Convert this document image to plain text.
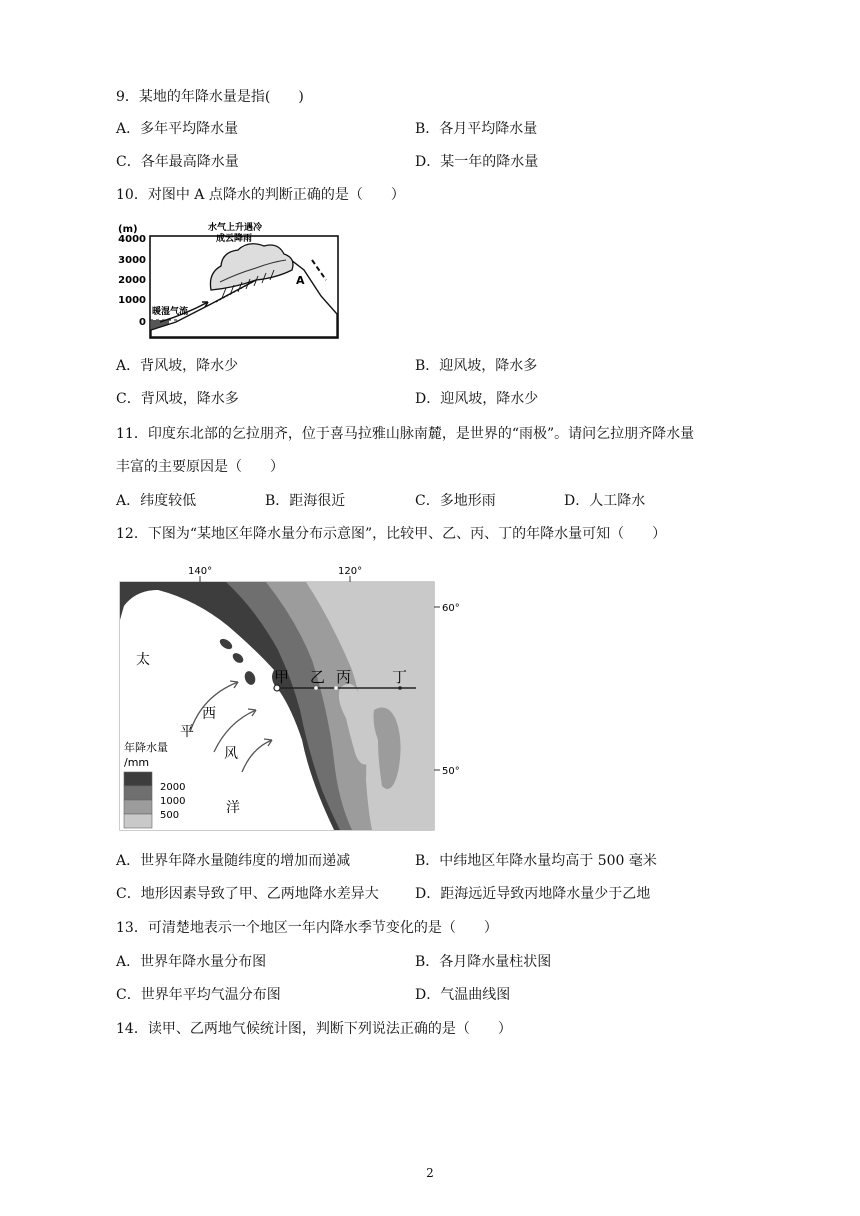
9．某地的年降水量是指(　　)
A．多年平均降水量	B．各月平均降水量
C．各年最高降水量	D．某一年的降水量
10．对图中 A 点降水的判断正确的是（　　）
(m)
4000
3000
2000
1000
0
暖湿气流
水气上升遇冷
成云降雨
A
A．背风坡，降水少	B．迎风坡，降水多
C．背风坡，降水多	D．迎风坡，降水少
11．印度东北部的乞拉朋齐，位于喜马拉雅山脉南麓，是世界的“雨极”。请问乞拉朋齐降水量
丰富的主要原因是（　　）
A．纬度较低	B．距海很近	C．多地形雨	D．人工降水
12．下图为“某地区年降水量分布示意图”，比较甲、乙、丙、丁的年降水量可知（　　）
140°	120°
60°
50°
甲 乙 丙	丁
太
平
洋
西
风
年降水量
/mm
2000
1000
500
A．世界年降水量随纬度的增加而递减	B．中纬地区年降水量均高于 500 毫米
C．地形因素导致了甲、乙两地降水差异大	D．距海远近导致丙地降水量少于乙地
13．可清楚地表示一个地区一年内降水季节变化的是（　　）
A．世界年降水量分布图	B．各月降水量柱状图
C．世界年平均气温分布图	D．气温曲线图
14．读甲、乙两地气候统计图，判断下列说法正确的是（　　）
2
